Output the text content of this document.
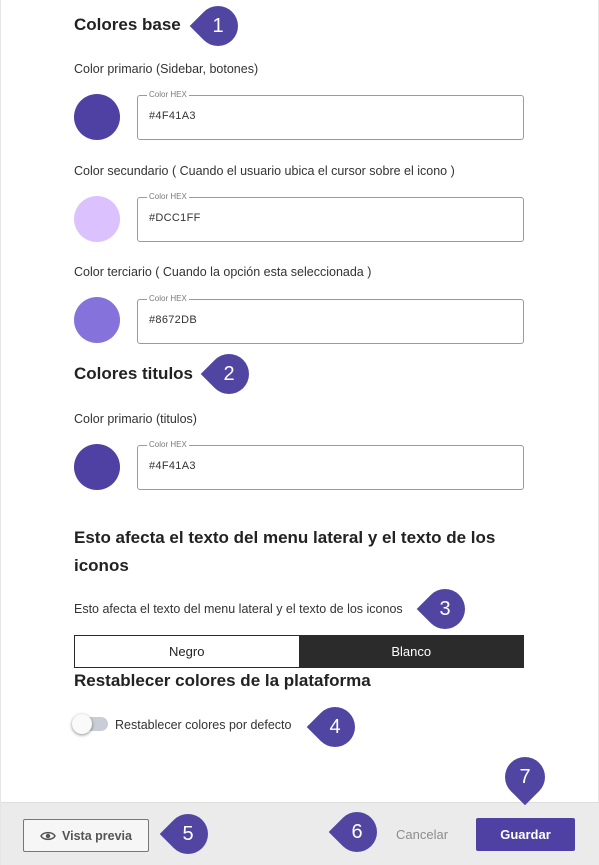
Colores base
Color primario (Sidebar, botones)
Color HEX
#4F41A3
Color secundario ( Cuando el usuario ubica el cursor sobre el icono )
Color HEX
#DCC1FF
Color terciario ( Cuando la opción esta seleccionada )
Color HEX
#8672DB
Colores titulos
Color primario (titulos)
Color HEX
#4F41A3
Esto afecta el texto del menu lateral y el texto de los iconos
Esto afecta el texto del menu lateral y el texto de los iconos
Negro	Blanco
Restablecer colores de la plataforma
Restablecer colores por defecto
Vista previa	Cancelar	Guardar
1
2
3
4
5	6
7
